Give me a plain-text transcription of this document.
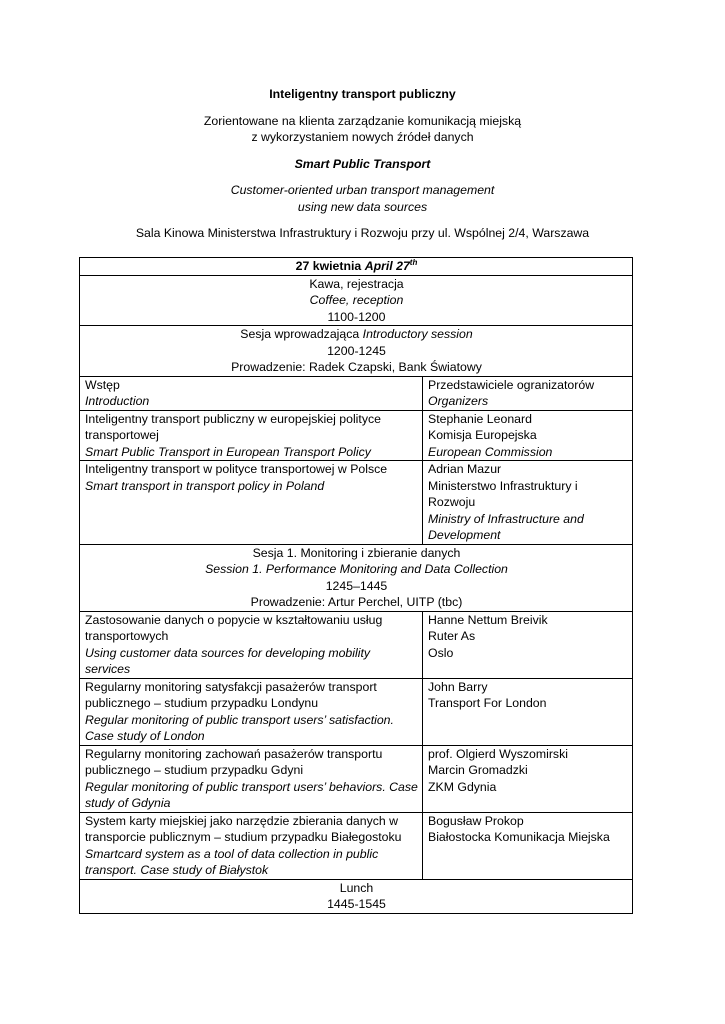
Inteligentny transport publiczny

Zorientowane na klienta zarządzanie komunikacją miejską
z wykorzystaniem nowych źródeł danych

Smart Public Transport

Customer-oriented urban transport management
using new data sources

Sala Kinowa Ministerstwa Infrastruktury i Rozwoju przy ul. Wspólnej 2/4, Warszawa

27 kwietnia April 27th

Kawa, rejestracja
Coffee, reception
1100-1200	

Sesja wprowadzająca Introductory session
1200-1245
Prowadzenie: Radek Czapski, Bank Światowy	

Wstęp
Introduction	Przedstawiciele ogranizatorów
Organizers

Inteligentny transport publiczny w europejskiej polityce transportowej
Smart Public Transport in European Transport Policy	Stephanie Leonard
Komisja Europejska
European Commission

Inteligentny transport w polityce transportowej w Polsce
Smart transport in transport policy in Poland	Adrian Mazur
Ministerstwo Infrastruktury i Rozwoju
Ministry of Infrastructure and Development

Sesja 1. Monitoring i zbieranie danych
Session 1. Performance Monitoring and Data Collection
1245–1445
Prowadzenie: Artur Perchel, UITP (tbc)	

Zastosowanie danych o popycie w kształtowaniu usług transportowych
Using customer data sources for developing mobility services	Hanne Nettum Breivik
Ruter As
Oslo

Regularny monitoring satysfakcji pasażerów transport publicznego – studium przypadku Londynu
Regular monitoring of public transport users’ satisfaction. Case study of London	John Barry
Transport For London

Regularny monitoring zachowań pasażerów transportu publicznego – studium przypadku Gdyni
Regular monitoring of public transport users’ behaviors. Case study of Gdynia	prof. Olgierd Wyszomirski
Marcin Gromadzki
ZKM Gdynia

System karty miejskiej jako narzędzie zbierania danych w transporcie publicznym – studium przypadku Białegostoku
Smartcard system as a tool of data collection in public transport. Case study of Białystok	Bogusław Prokop
Białostocka Komunikacja Miejska

Lunch
1445-1545	
